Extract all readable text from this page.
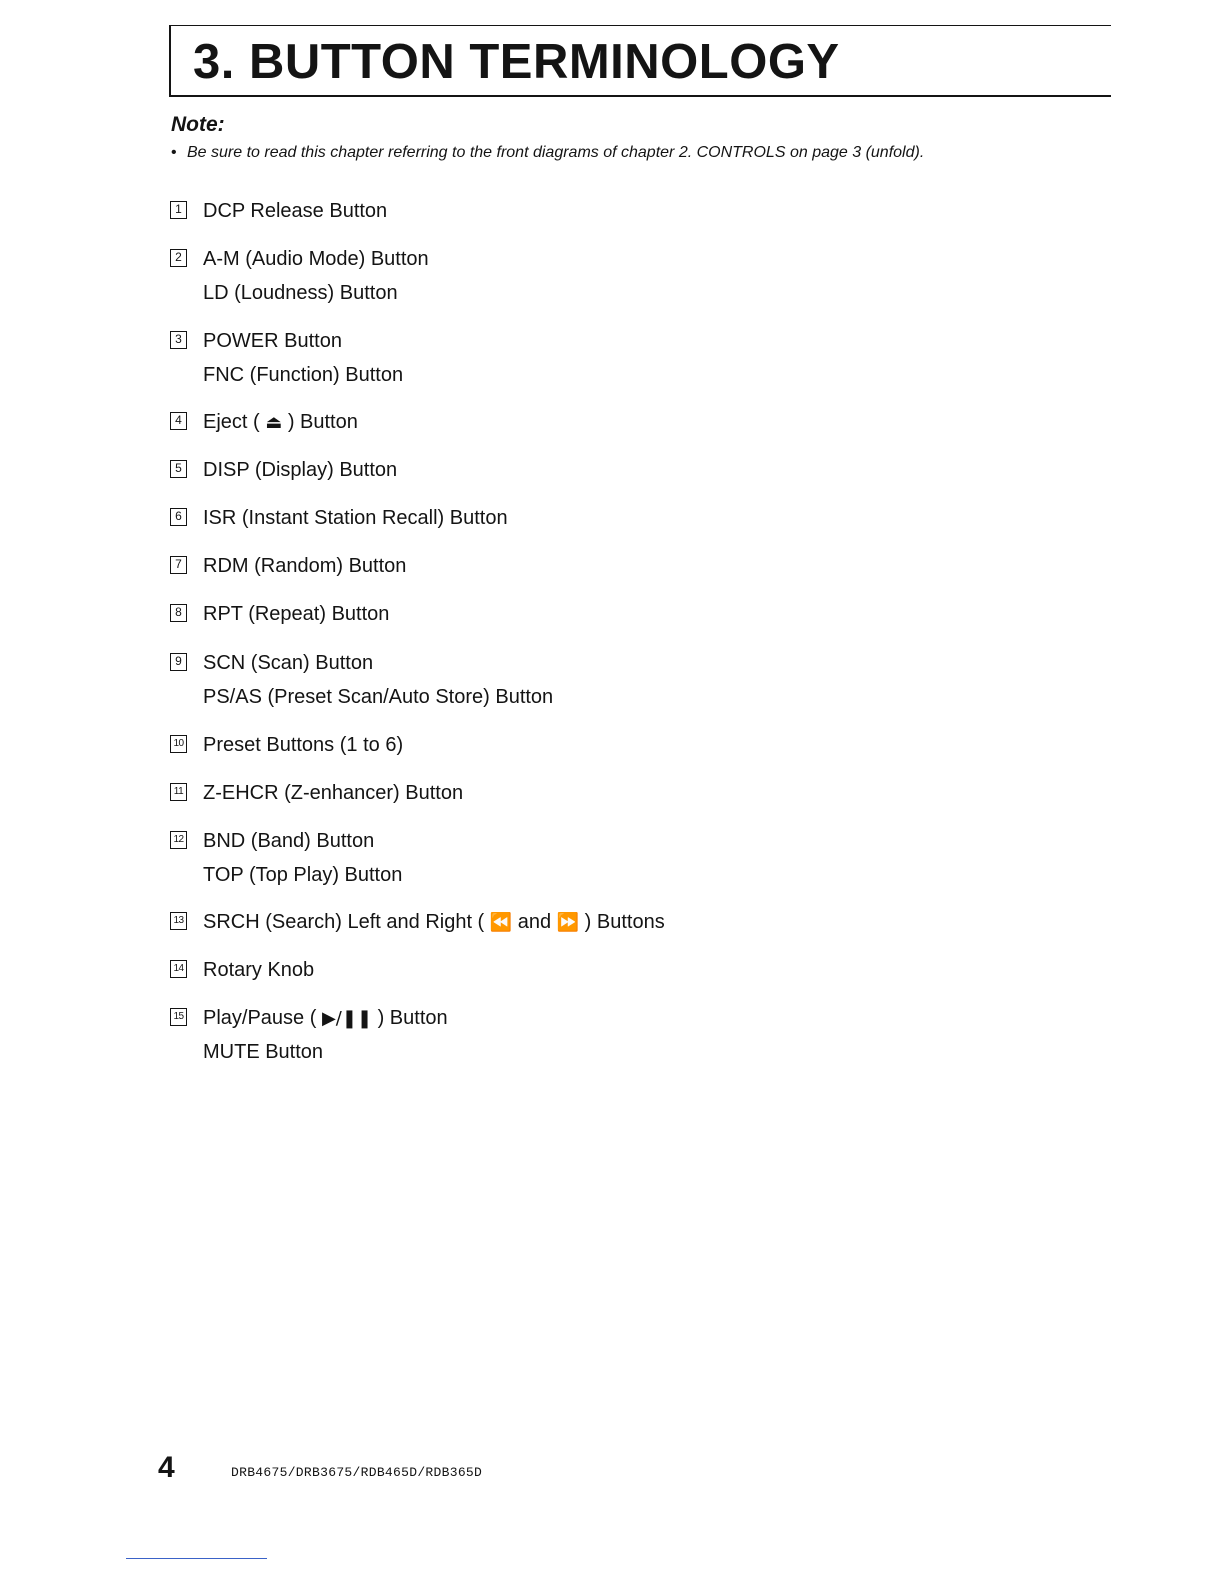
3. BUTTON TERMINOLOGY
Note:
• Be sure to read this chapter referring to the front diagrams of chapter 2. CONTROLS on page 3 (unfold).
1 DCP Release Button
2 A-M (Audio Mode) Button
LD (Loudness) Button
3 POWER Button
FNC (Function) Button
4 Eject ( ⏏ ) Button
5 DISP (Display) Button
6 ISR (Instant Station Recall) Button
7 RDM (Random) Button
8 RPT (Repeat) Button
9 SCN (Scan) Button
PS/AS (Preset Scan/Auto Store) Button
10 Preset Buttons (1 to 6)
11 Z-EHCR (Z-enhancer) Button
12 BND (Band) Button
TOP (Top Play) Button
13 SRCH (Search) Left and Right ( ⏪ and ⏩ ) Buttons
14 Rotary Knob
15 Play/Pause ( ▶/❚❚ ) Button
MUTE Button
4	DRB4675/DRB3675/RDB465D/RDB365D
